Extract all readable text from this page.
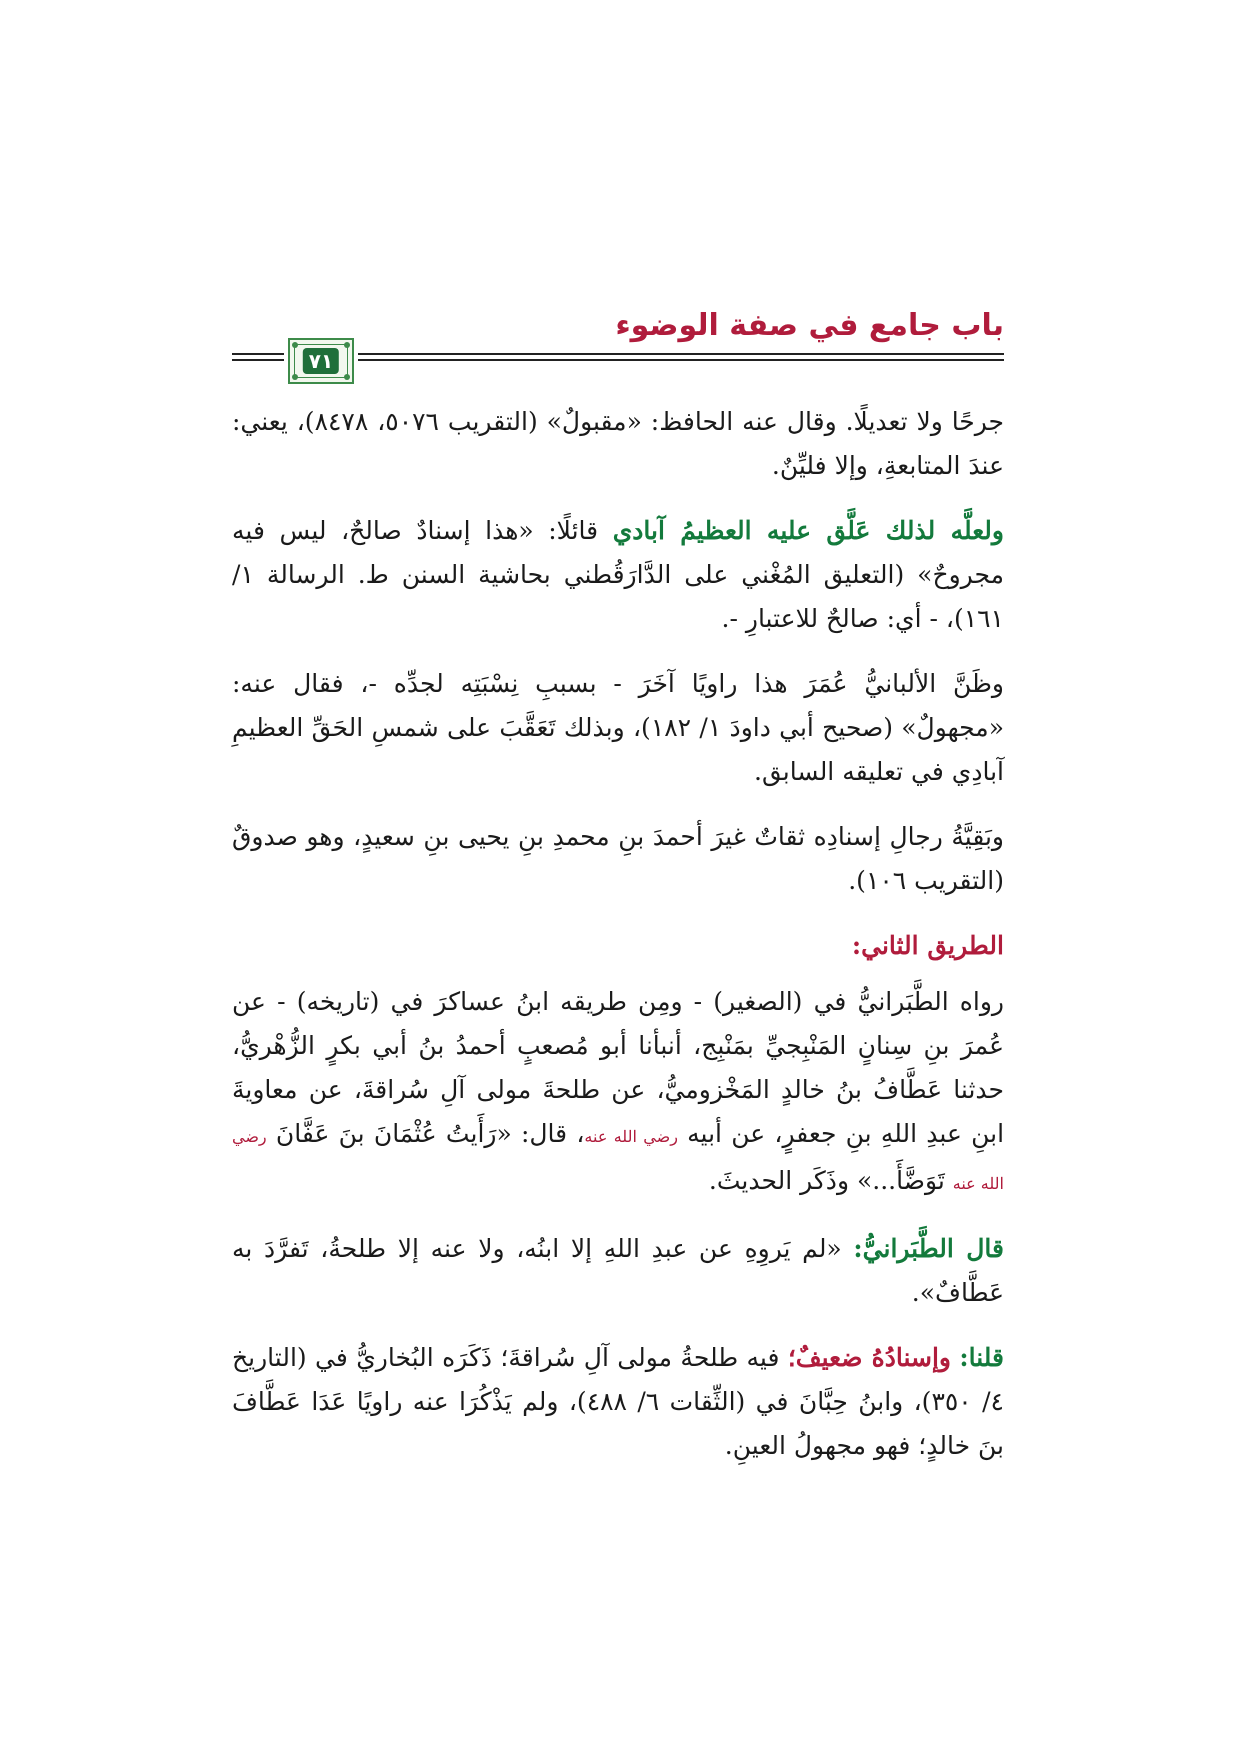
باب جامع في صفة الوضوء
٧١

جرحًا ولا تعديلًا. وقال عنه الحافظ: «مقبولٌ» (التقريب ٥٠٧٦، ٨٤٧٨)، يعني: عندَ المتابعةِ، وإلا فليِّنٌ.

ولعلَّه لذلك عَلَّق عليه العظيمُ آبادي قائلًا: «هذا إسنادٌ صالحٌ، ليس فيه مجروحٌ» (التعليق المُغْني على الدَّارَقُطني بحاشية السنن ط. الرسالة ١/ ١٦١)، - أي: صالحٌ للاعتبارِ -.

وظَنَّ الألبانيُّ عُمَرَ هذا راويًا آخَرَ - بسببِ نِسْبَتِه لجدِّه -، فقال عنه: «مجهولٌ» (صحيح أبي داودَ ١/ ١٨٢)، وبذلك تَعَقَّبَ على شمسِ الحَقِّ العظيمِ آبادِي في تعليقه السابق.

وبَقِيَّةُ رجالِ إسنادِه ثقاتٌ غيرَ أحمدَ بنِ محمدِ بنِ يحيى بنِ سعيدٍ، وهو صدوقٌ (التقريب ١٠٦).

الطريق الثاني:

رواه الطَّبَرانيُّ في (الصغير) - ومِن طريقه ابنُ عساكرَ في (تاريخه) - عن عُمرَ بنِ سِنانٍ المَنْبِجيِّ بمَنْبِج، أنبأنا أبو مُصعبٍ أحمدُ بنُ أبي بكرٍ الزُّهْريُّ، حدثنا عَطَّافُ بنُ خالدٍ المَخْزوميُّ، عن طلحةَ مولى آلِ سُراقةَ، عن معاويةَ ابنِ عبدِ اللهِ بنِ جعفرٍ، عن أبيه رضي الله عنه، قال: «رَأَيتُ عُثْمَانَ بنَ عَفَّانَ رضي الله عنه تَوَضَّأَ...» وذَكَر الحديثَ.

قال الطَّبَرانيُّ: «لم يَروِهِ عن عبدِ اللهِ إلا ابنُه، ولا عنه إلا طلحةُ، تَفرَّدَ به عَطَّافٌ».

قلنا: وإسنادُهُ ضعيفٌ؛ فيه طلحةُ مولى آلِ سُراقةَ؛ ذَكَرَه البُخاريُّ في (التاريخ ٤/ ٣٥٠)، وابنُ حِبَّانَ في (الثِّقات ٦/ ٤٨٨)، ولم يَذْكُرَا عنه راويًا عَدَا عَطَّافَ بنَ خالدٍ؛ فهو مجهولُ العينِ.
